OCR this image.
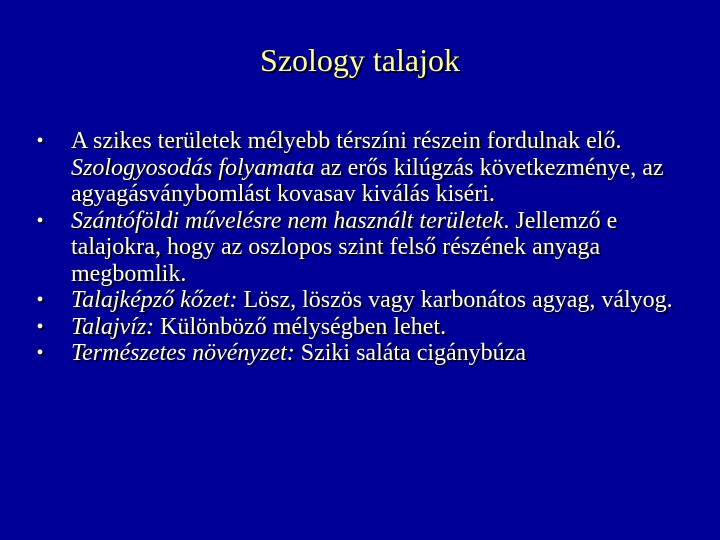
Szology talajok
• A szikes területek mélyebb térszíni részein fordulnak elő. Szologyosodás folyamata az erős kilúgzás következménye, az agyagásványbomlást kovasav kiválás kiséri.
• Szántóföldi művelésre nem használt területek. Jellemző e talajokra, hogy az oszlopos szint felső részének anyaga megbomlik.
• Talajképző kőzet: Lösz, löszös vagy karbonátos agyag, vályog.
• Talajvíz: Különböző mélységben lehet.
• Természetes növényzet: Sziki saláta cigánybúza
